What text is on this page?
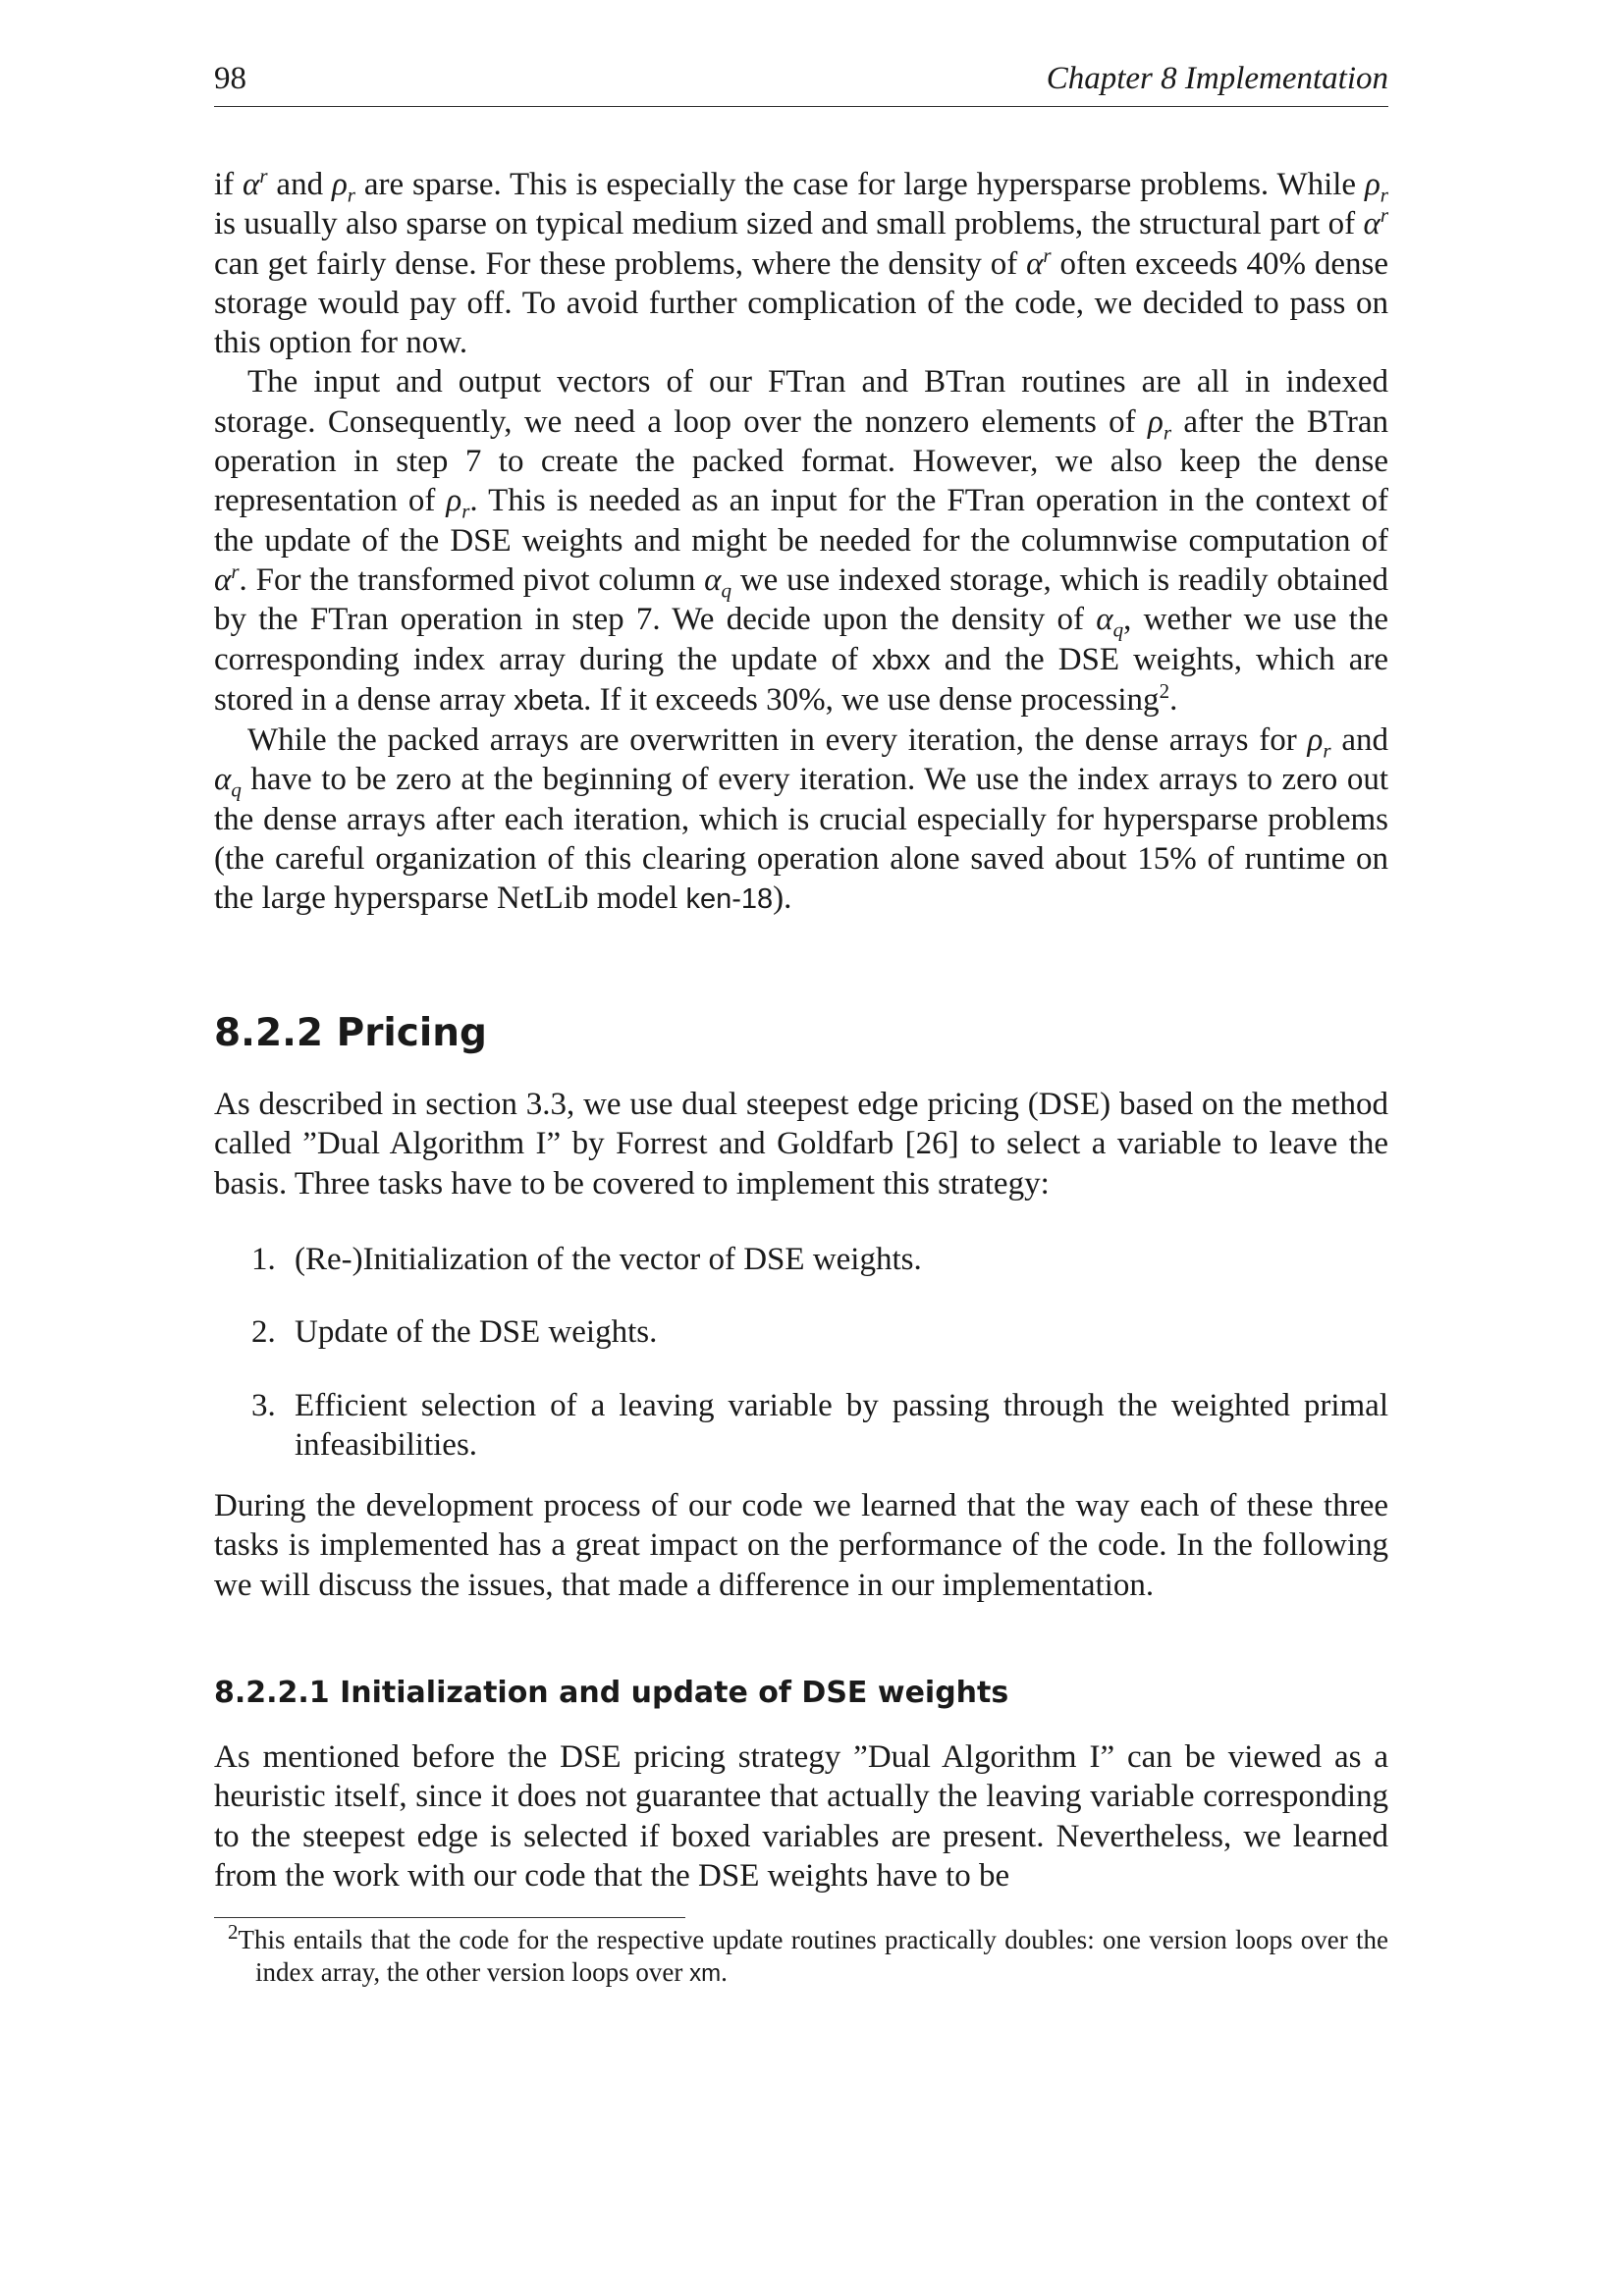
98	Chapter 8 Implementation

if $\alpha^r$ and $\rho_r$ are sparse. This is especially the case for large hypersparse problems. While $\rho_r$ is usually also sparse on typical medium sized and small problems, the structural part of $\alpha^r$ can get fairly dense. For these problems, where the density of $\alpha^r$ often exceeds 40% dense storage would pay off. To avoid further complication of the code, we decided to pass on this option for now.

The input and output vectors of our FTran and BTran routines are all in indexed storage. Consequently, we need a loop over the nonzero elements of $\rho_r$ after the BTran operation in step 7 to create the packed format. However, we also keep the dense representation of $\rho_r$. This is needed as an input for the FTran operation in the context of the update of the DSE weights and might be needed for the columnwise computation of $\alpha^r$. For the transformed pivot column $\alpha_q$ we use indexed storage, which is readily obtained by the FTran operation in step 7. We decide upon the density of $\alpha_q$, wether we use the corresponding index array during the update of xbxx and the DSE weights, which are stored in a dense array xbeta. If it exceeds 30%, we use dense processing$^2$.

While the packed arrays are overwritten in every iteration, the dense arrays for $\rho_r$ and $\alpha_q$ have to be zero at the beginning of every iteration. We use the index arrays to zero out the dense arrays after each iteration, which is crucial especially for hypersparse problems (the careful organization of this clearing operation alone saved about 15% of runtime on the large hypersparse NetLib model ken-18).

8.2.2 Pricing

As described in section 3.3, we use dual steepest edge pricing (DSE) based on the method called ”Dual Algorithm I” by Forrest and Goldfarb [26] to select a variable to leave the basis. Three tasks have to be covered to implement this strategy:

1. (Re-)Initialization of the vector of DSE weights.
2. Update of the DSE weights.
3. Efficient selection of a leaving variable by passing through the weighted primal infeasibilities.

During the development process of our code we learned that the way each of these three tasks is implemented has a great impact on the performance of the code. In the following we will discuss the issues, that made a difference in our implementation.

8.2.2.1 Initialization and update of DSE weights

As mentioned before the DSE pricing strategy ”Dual Algorithm I” can be viewed as a heuristic itself, since it does not guarantee that actually the leaving variable corresponding to the steepest edge is selected if boxed variables are present. Nevertheless, we learned from the work with our code that the DSE weights have to be

$^2$This entails that the code for the respective update routines practically doubles: one version loops over the index array, the other version loops over xm.
